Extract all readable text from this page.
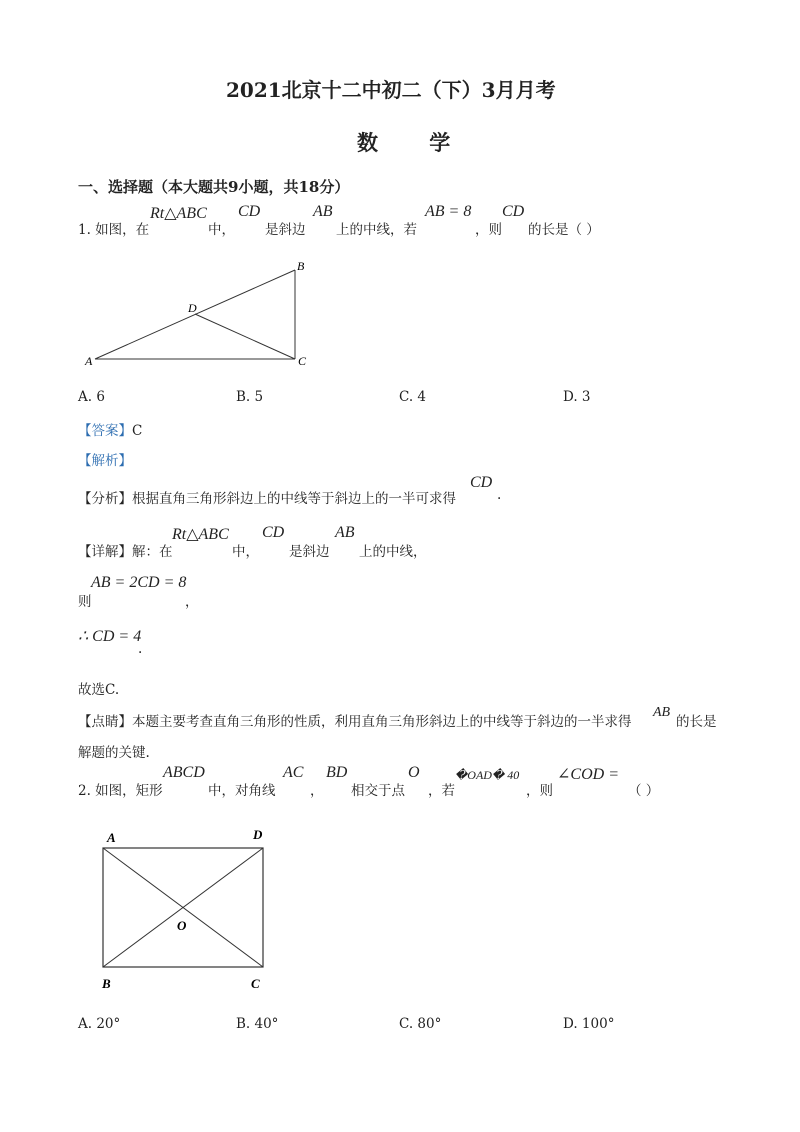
2021北京十二中初二（下）3月月考
数 学
一、选择题（本大题共9小题，共18分）
1. 如图，在
Rt△ABC
中，
CD
是斜边
AB
上的中线，若
AB = 8
，则
CD
的长是（ ）
A
B
C
D
A. 6	B. 5	C. 4	D. 3
【答案】C
【解析】
【分析】根据直角三角形斜边上的中线等于斜边上的一半可求得
CD
.
【详解】解：在
Rt△ABC
中，
CD
是斜边
AB
上的中线，
则
AB = 2CD = 8
，
∴ CD = 4
.
故选C.
【点睛】本题主要考查直角三角形的性质，利用直角三角形斜边上的中线等于斜边的一半求得
AB
的长是
解题的关键.
2. 如图，矩形
ABCD
中，对角线
AC
，
BD
相交于点
O
，若
�OAD� 40
，则
∠COD =
（ ）
A	D
O
B	C
A. 20°	B. 40°	C. 80°	D. 100°
